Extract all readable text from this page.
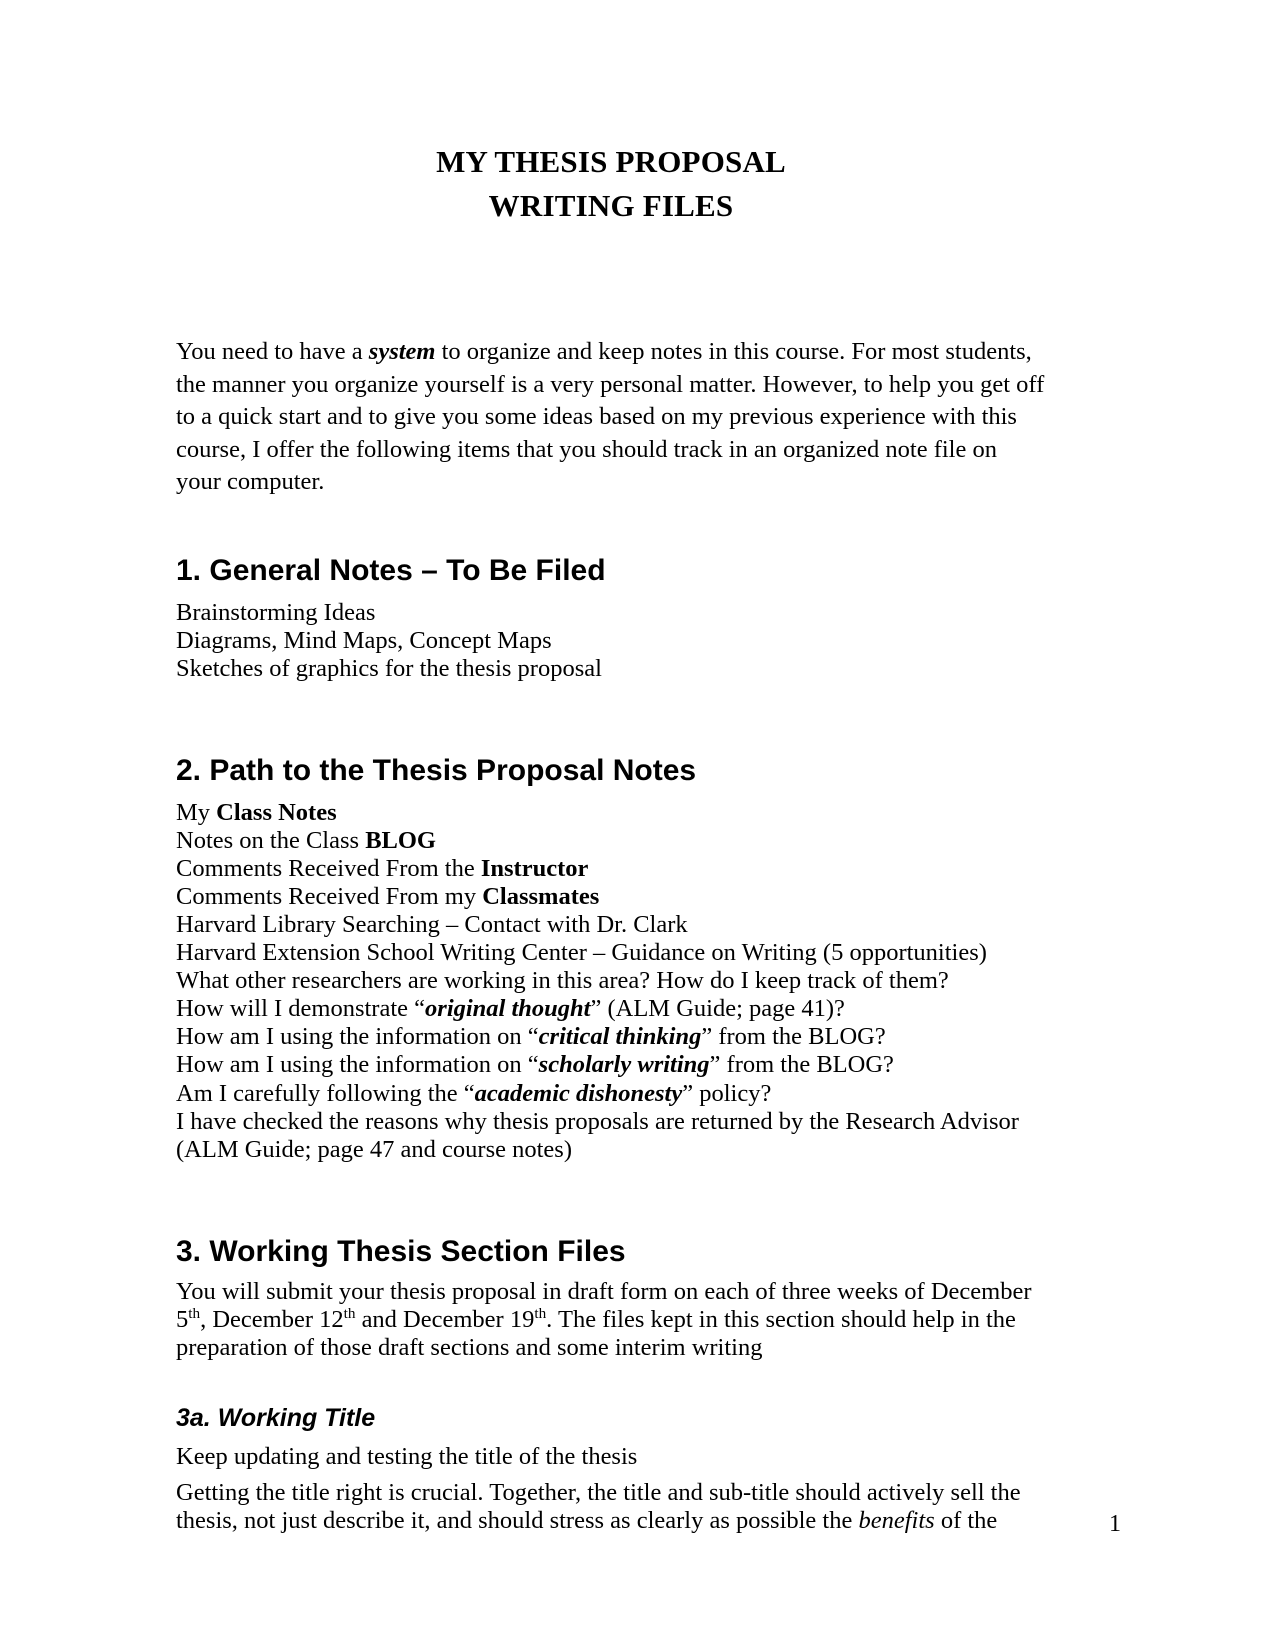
MY THESIS PROPOSAL
WRITING FILES

You need to have a system to organize and keep notes in this course. For most students, the manner you organize yourself is a very personal matter. However, to help you get off to a quick start and to give you some ideas based on my previous experience with this course, I offer the following items that you should track in an organized note file on your computer.

1. General Notes – To Be Filed
Brainstorming Ideas
Diagrams, Mind Maps, Concept Maps
Sketches of graphics for the thesis proposal
2. Path to the Thesis Proposal Notes
My Class Notes
Notes on the Class BLOG
Comments Received From the Instructor
Comments Received From my Classmates
Harvard Library Searching – Contact with Dr. Clark
Harvard Extension School Writing Center – Guidance on Writing (5 opportunities)
What other researchers are working in this area? How do I keep track of them?
How will I demonstrate “original thought” (ALM Guide; page 41)?
How am I using the information on “critical thinking” from the BLOG?
How am I using the information on “scholarly writing” from the BLOG?
Am I carefully following the “academic dishonesty” policy?
I have checked the reasons why thesis proposals are returned by the Research Advisor
(ALM Guide; page 47 and course notes)
3. Working Thesis Section Files

You will submit your thesis proposal in draft form on each of three weeks of December 5th, December 12th and December 19th. The files kept in this section should help in the preparation of those draft sections and some interim writing

3a. Working Title
Keep updating and testing the title of the thesis

Getting the title right is crucial. Together, the title and sub-title should actively sell the thesis, not just describe it, and should stress as clearly as possible the benefits of the	1
